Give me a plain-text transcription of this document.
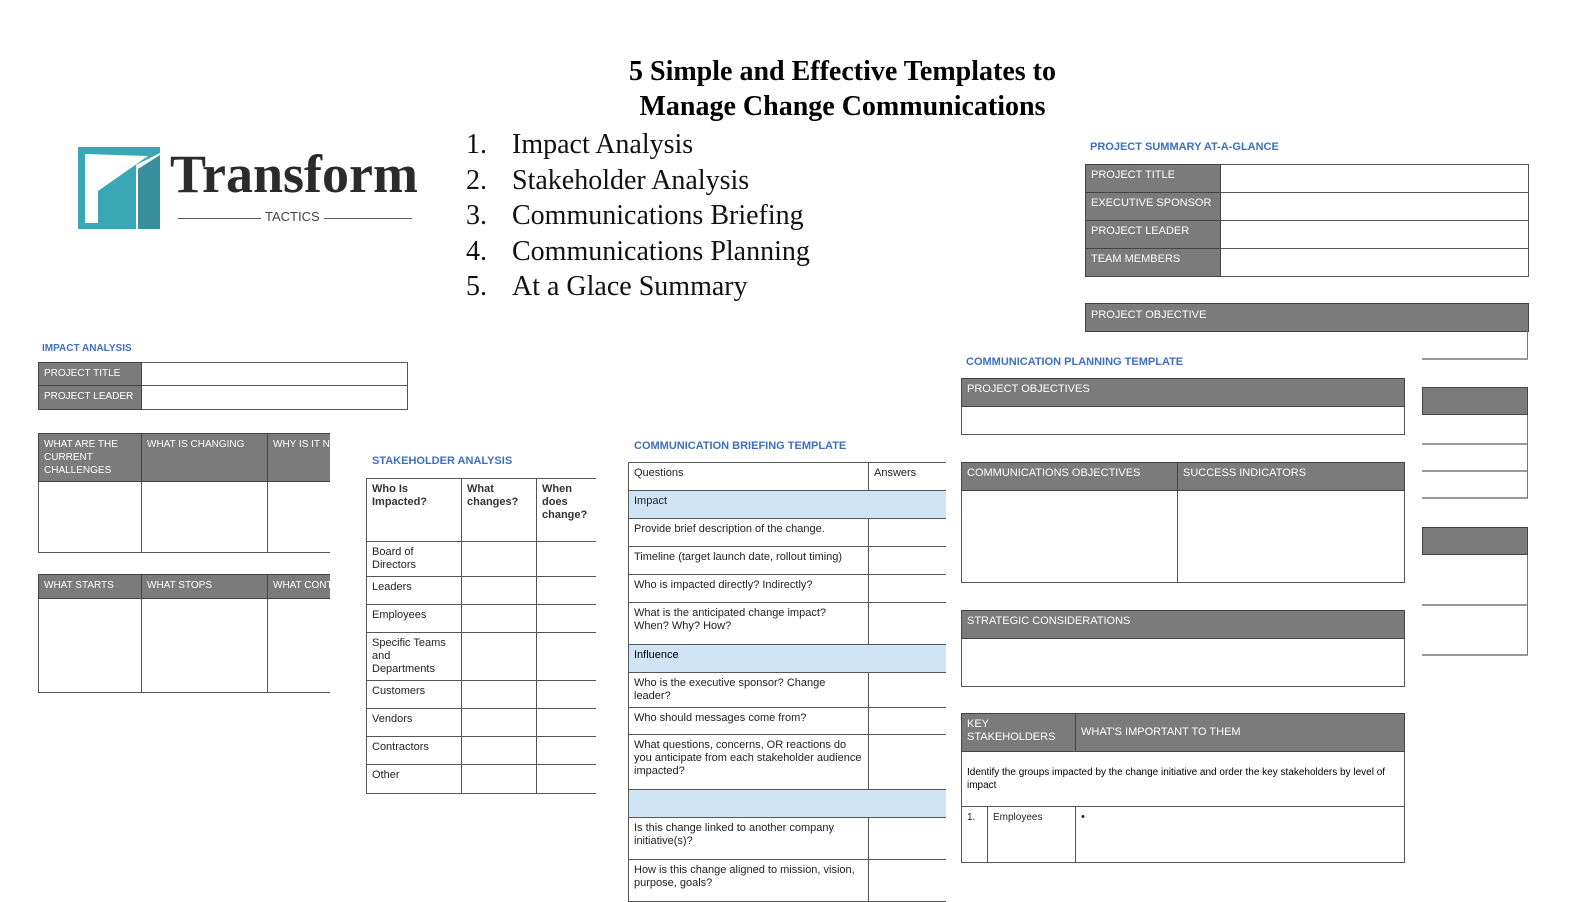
5 Simple and Effective Templates to
Manage Change Communications
Transform
TACTICS
1. Impact Analysis
2. Stakeholder Analysis
3. Communications Briefing
4. Communications Planning
5. At a Glace Summary
PROJECT SUMMARY AT-A-GLANCE
PROJECT TITLE	
EXECUTIVE SPONSOR	
PROJECT LEADER	
TEAM MEMBERS	
PROJECT OBJECTIVE
IMPACT ANALYSIS
PROJECT TITLE	
PROJECT LEADER	
WHAT ARE THE CURRENT CHALLENGES	WHAT IS CHANGING	WHY IS IT NE

WHAT STARTS	WHAT STOPS	WHAT CONTI

STAKEHOLDER ANALYSIS
Who Is Impacted?	What changes?	When does change?
Board of Directors		
Leaders		
Employees		
Specific Teams and Departments		
Customers		
Vendors		
Contractors		
Other		
COMMUNICATION BRIEFING TEMPLATE
Questions	Answers
Impact	
Provide brief description of the change.	
Timeline (target launch date, rollout timing)	
Who is impacted directly? Indirectly?	
What is the anticipated change impact? When? Why? How?	
Influence	
Who is the executive sponsor? Change leader?	
Who should messages come from?	
What questions, concerns, OR reactions do you anticipate from each stakeholder audience impacted?	

Is this change linked to another company initiative(s)?	
How is this change aligned to mission, vision, purpose, goals?	
COMMUNICATION PLANNING TEMPLATE
PROJECT OBJECTIVES

COMMUNICATIONS OBJECTIVES	SUCCESS INDICATORS

STRATEGIC CONSIDERATIONS

KEY STAKEHOLDERS		WHAT'S IMPORTANT TO THEM
Identify the groups impacted by the change initiative and order the key stakeholders by level of impact		
1.	Employees	•
